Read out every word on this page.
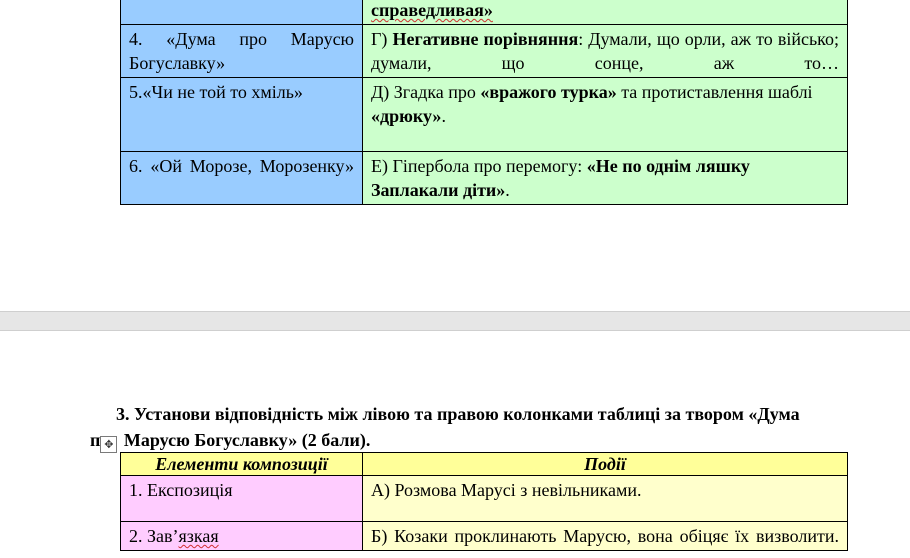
	справедливая»
4. «Дума про Марусю Богуславку»	Г) Негативне порівняння: Думали, що орли, аж то військо; думали, що сонце, аж то…
5.«Чи не той то хміль»	Д) Згадка про «вражого турка» та протиставлення шаблі «дрюку».
6. «Ой Морозе, Морозенку»	Е) Гіпербола про перемогу: «Не по однім ляшку Заплакали діти».
3. Установи відповідність між лівою та правою колонками таблиці за твором «Дума
п ✥ Марусю Богуславку» (2 бали).
Елементи композиції	Події
1. Експозиція	А) Розмова Марусі з невільниками.
2. Зав’язкая	Б) Козаки проклинають Марусю, вона обіцяє їх визволити.
